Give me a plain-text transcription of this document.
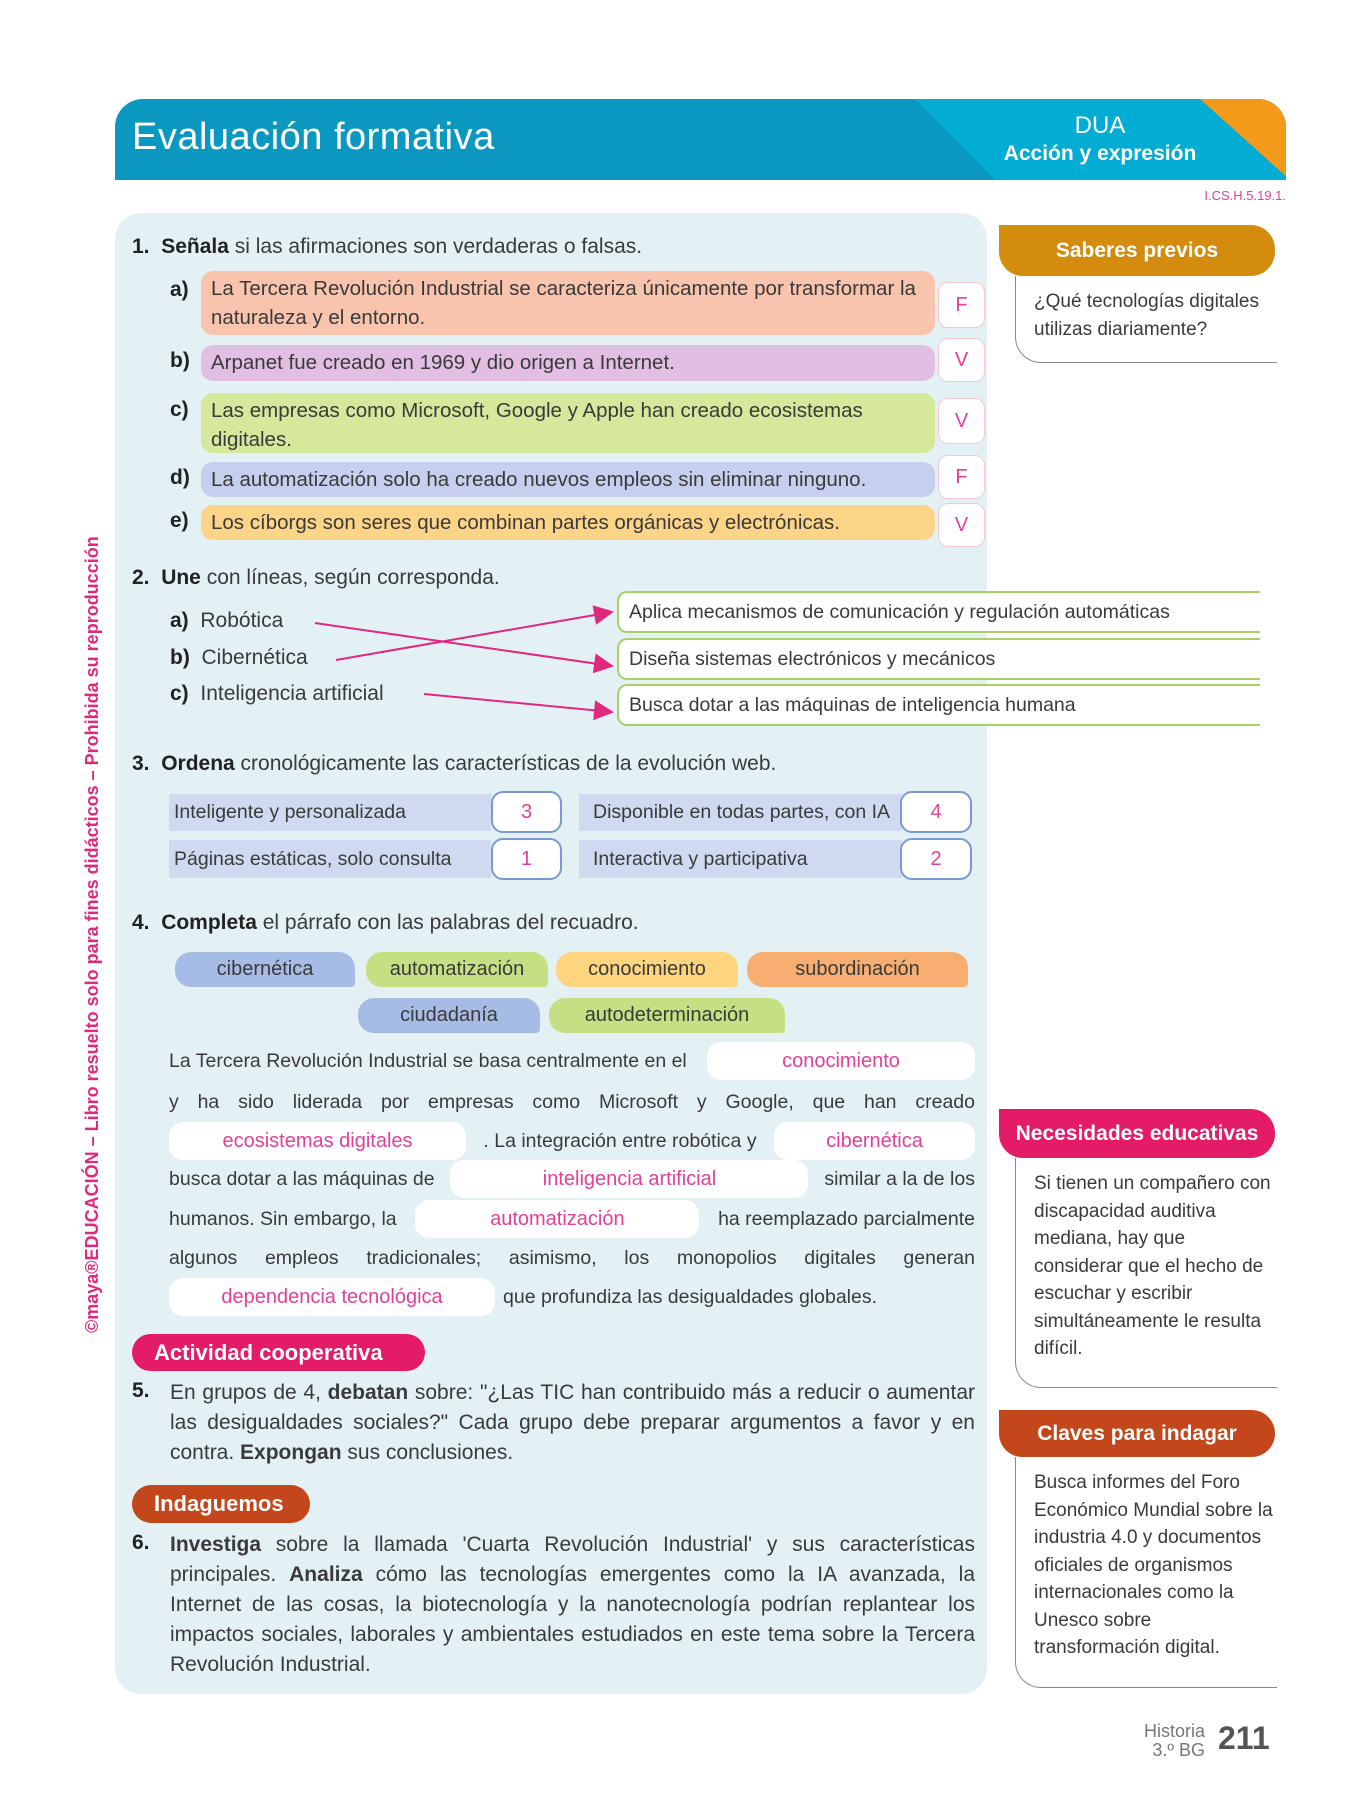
Evaluación formativa	DUA
Acción y expresión
I.CS.H.5.19.1.
©maya®EDUCACIÓN – Libro resuelto solo para fines didácticos – Prohibida su reproducción
1. Señala si las afirmaciones son verdaderas o falsas.
a)	La Tercera Revolución Industrial se caracteriza únicamente por transformar la naturaleza y el entorno.
F
b)	Arpanet fue creado en 1969 y dio origen a Internet.	V
c)	Las empresas como Microsoft, Google y Apple han creado ecosistemas digitales.
V
d)	La automatización solo ha creado nuevos empleos sin eliminar ninguno.	F
e)	Los cíborgs son seres que combinan partes orgánicas y electrónicas.	V
2. Une con líneas, según corresponda.
a) Robótica
b) Cibernética
c) Inteligencia artificial
Aplica mecanismos de comunicación y regulación automáticas
Diseña sistemas electrónicos y mecánicos
Busca dotar a las máquinas de inteligencia humana
3. Ordena cronológicamente las características de la evolución web.
Inteligente y personalizada	3	Disponible en todas partes, con IA	4
Páginas estáticas, solo consulta	1	Interactiva y participativa	2
4. Completa el párrafo con las palabras del recuadro.
cibernética	automatización	conocimiento	subordinación
ciudadanía	autodeterminación
La Tercera Revolución Industrial se basa centralmente en el	conocimiento
y ha sido liderada por empresas como Microsoft y Google, que han creado
ecosistemas digitales	. La integración entre robótica y	cibernética
busca dotar a las máquinas de	inteligencia artificial	similar a la de los
humanos. Sin embargo, la	automatización	ha reemplazado parcialmente
algunos empleos tradicionales; asimismo, los monopolios digitales generan
dependencia tecnológica	que profundiza las desigualdades globales.
Actividad cooperativa
5. En grupos de 4, debatan sobre: "¿Las TIC han contribuido más a reducir o aumentar las desigualdades sociales?" Cada grupo debe preparar argumentos a favor y en contra. Expongan sus conclusiones.
Indaguemos
6. Investiga sobre la llamada 'Cuarta Revolución Industrial' y sus características principales. Analiza cómo las tecnologías emergentes como la IA avanzada, la Internet de las cosas, la biotecnología y la nanotecnología podrían replantear los impactos sociales, laborales y ambientales estudiados en este tema sobre la Tercera Revolución Industrial.
Saberes previos
¿Qué tecnologías digitales utilizas diariamente?
Necesidades educativas
Si tienen un compañero con discapacidad auditiva mediana, hay que considerar que el hecho de escuchar y escribir simultáneamente le resulta difícil.
Claves para indagar
Busca informes del Foro Económico Mundial sobre la industria 4.0 y documentos oficiales de organismos internacionales como la Unesco sobre transformación digital.
Historia
3.º BG 211
